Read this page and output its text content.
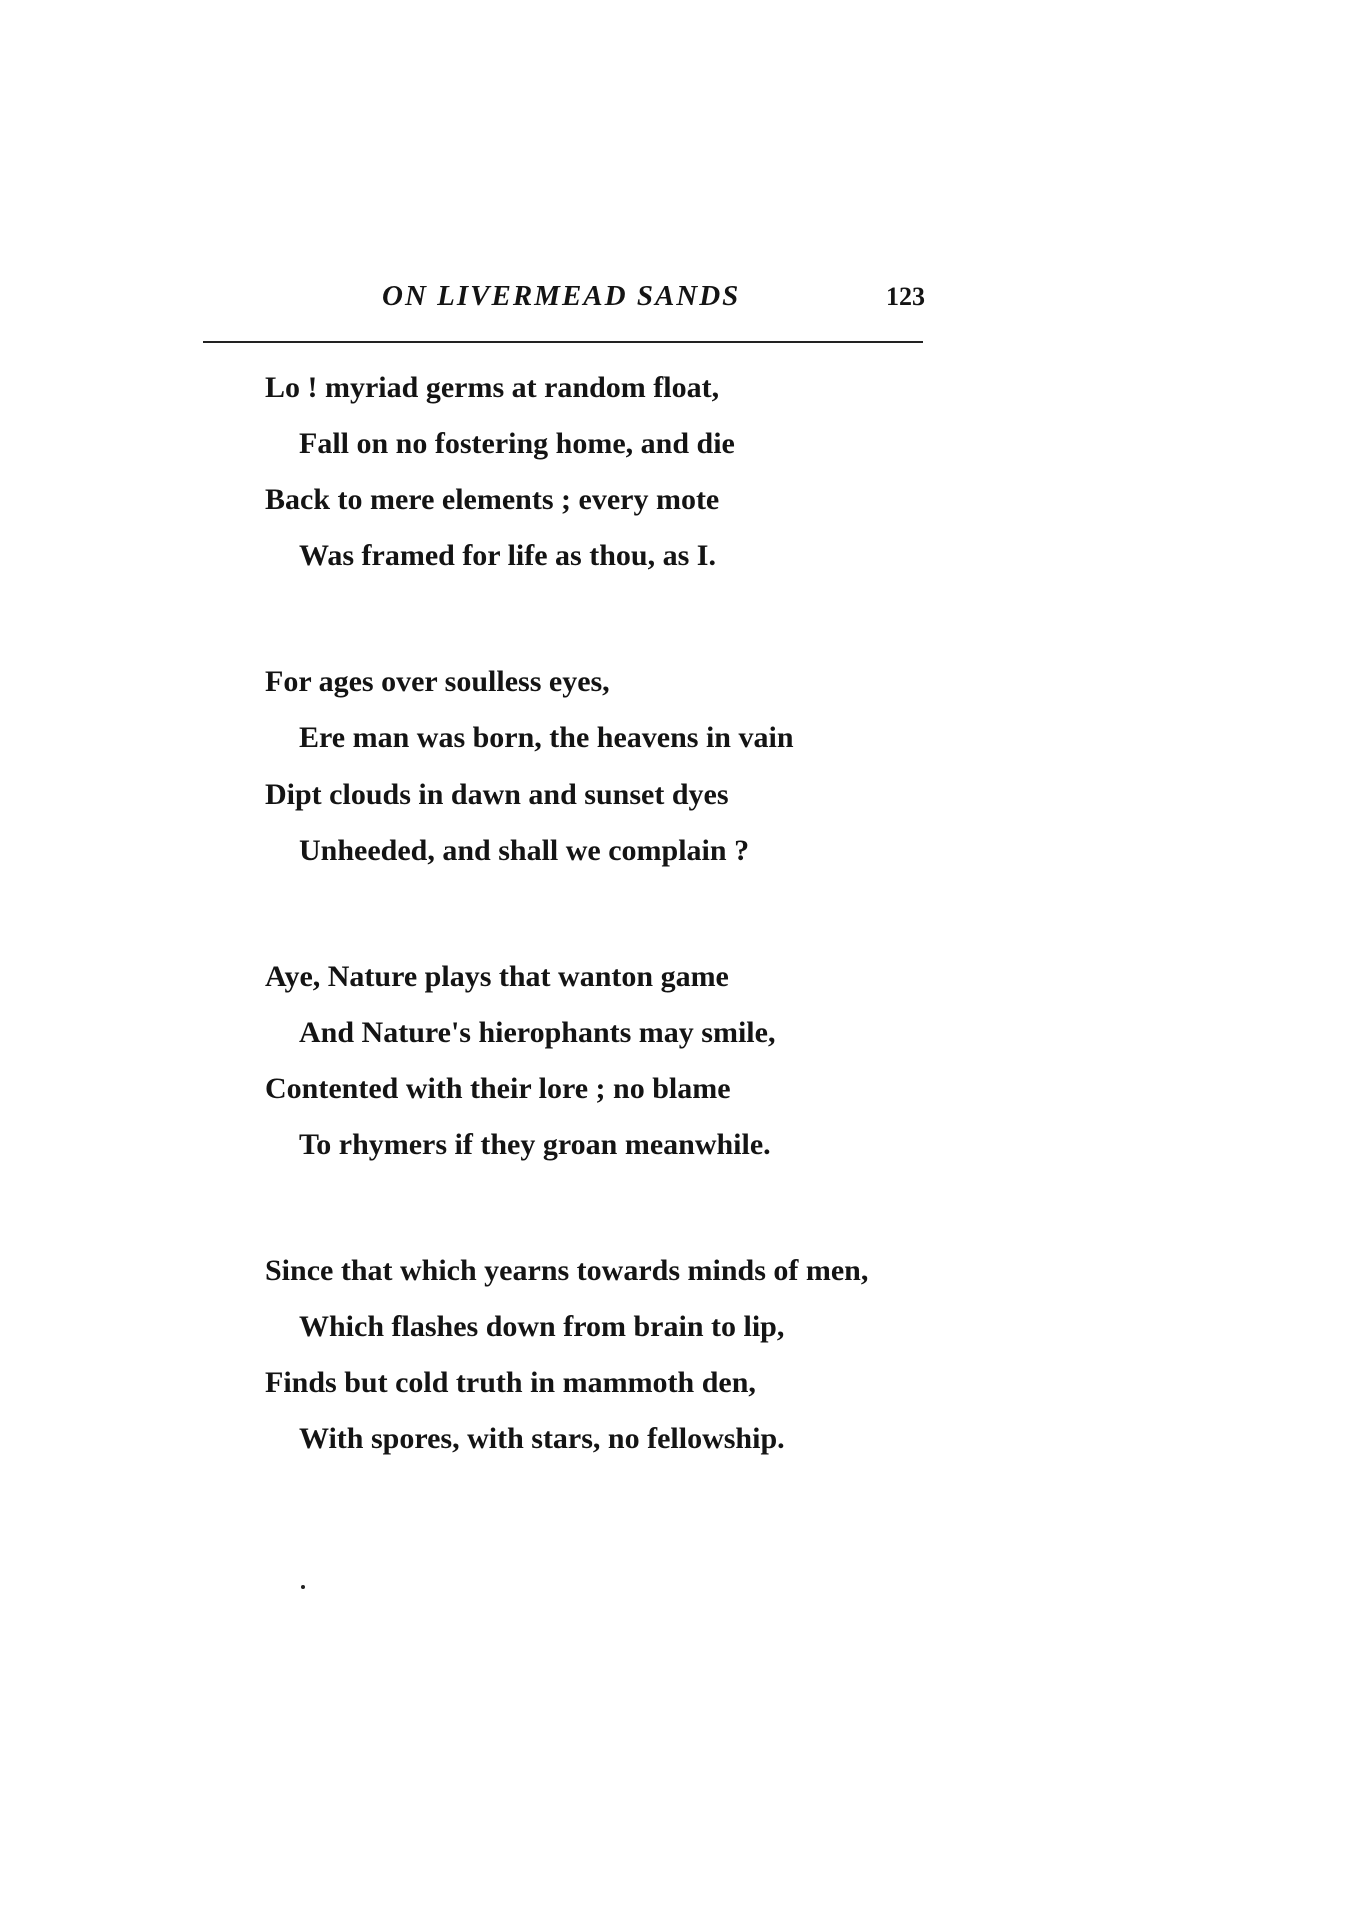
ON LIVERMEAD SANDS	123
Lo ! myriad germs at random float,
Fall on no fostering home, and die
Back to mere elements ; every mote
Was framed for life as thou, as I.
For ages over soulless eyes,
Ere man was born, the heavens in vain
Dipt clouds in dawn and sunset dyes
Unheeded, and shall we complain ?
Aye, Nature plays that wanton game
And Nature's hierophants may smile,
Contented with their lore ; no blame
To rhymers if they groan meanwhile.
Since that which yearns towards minds of men,
Which flashes down from brain to lip,
Finds but cold truth in mammoth den,
With spores, with stars, no fellowship.
